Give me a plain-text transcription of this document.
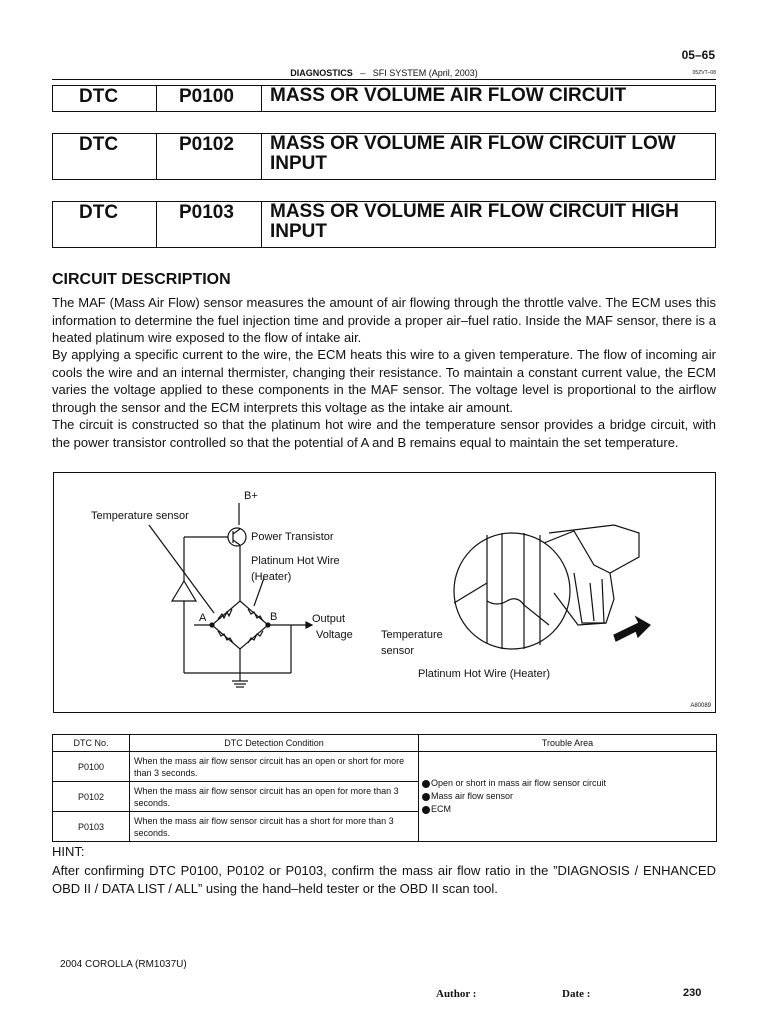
05–65
DIAGNOSTICS – SFI SYSTEM (April, 2003)	05ZVT–08
DTC	P0100	MASS OR VOLUME AIR FLOW CIRCUIT
DTC	P0102	MASS OR VOLUME AIR FLOW CIRCUIT LOW INPUT
DTC	P0103	MASS OR VOLUME AIR FLOW CIRCUIT HIGH INPUT
CIRCUIT DESCRIPTION
The MAF (Mass Air Flow) sensor measures the amount of air flowing through the throttle valve. The ECM uses this information to determine the fuel injection time and provide a proper air–fuel ratio. Inside the MAF sensor, there is a heated platinum wire exposed to the flow of intake air.
By applying a specific current to the wire, the ECM heats this wire to a given temperature. The flow of incoming air cools the wire and an internal thermister, changing their resistance. To maintain a constant current value, the ECM varies the voltage applied to these components in the MAF sensor. The voltage level is proportional to the airflow through the sensor and the ECM interprets this voltage as the intake air amount.
The circuit is constructed so that the platinum hot wire and the temperature sensor provides a bridge circuit, with the power transistor controlled so that the potential of A and B remains equal to maintain the set temperature.
B+
Temperature sensor
Power Transistor
Platinum Hot Wire
(Heater)
A	B	Output
Voltage	Temperature
sensor
Platinum Hot Wire (Heater)
A80089
DTC No.	DTC Detection Condition	Trouble Area
P0100	When the mass air flow sensor circuit has an open or short for more than 3 seconds.	Open or short in mass air flow sensor circuit
Mass air flow sensor
ECM

P0102	When the mass air flow sensor circuit has an open for more than 3 seconds.	
P0103	When the mass air flow sensor circuit has a short for more than 3 seconds.	
HINT:
After confirming DTC P0100, P0102 or P0103, confirm the mass air flow ratio in the ”DIAGNOSIS / ENHANCED OBD II / DATA LIST / ALL” using the hand–held tester or the OBD II scan tool.
2004 COROLLA (RM1037U)
Author :	Date :	230
